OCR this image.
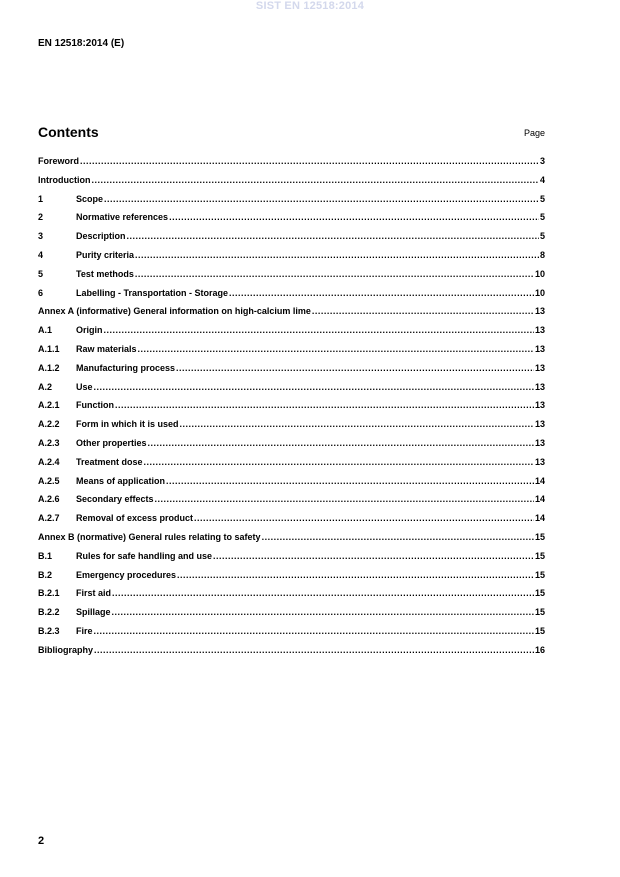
SIST EN 12518:2014
EN 12518:2014 (E)
Contents	Page
Foreword .....	3
Introduction .....	4
1	Scope .....	5
2	Normative references .....	5
3	Description .....	5
4	Purity criteria .....	8
5	Test methods .....	10
6	Labelling - Transportation - Storage .....	10
Annex A (informative) General information on high-calcium lime .....	13
A.1	Origin .....	13
A.1.1	Raw materials .....	13
A.1.2	Manufacturing process .....	13
A.2	Use .....	13
A.2.1	Function .....	13
A.2.2	Form in which it is used .....	13
A.2.3	Other properties .....	13
A.2.4	Treatment dose .....	13
A.2.5	Means of application .....	14
A.2.6	Secondary effects .....	14
A.2.7	Removal of excess product .....	14
Annex B (normative) General rules relating to safety .....	15
B.1	Rules for safe handling and use .....	15
B.2	Emergency procedures .....	15
B.2.1	First aid .....	15
B.2.2	Spillage .....	15
B.2.3	Fire .....	15
Bibliography .....	16
2
